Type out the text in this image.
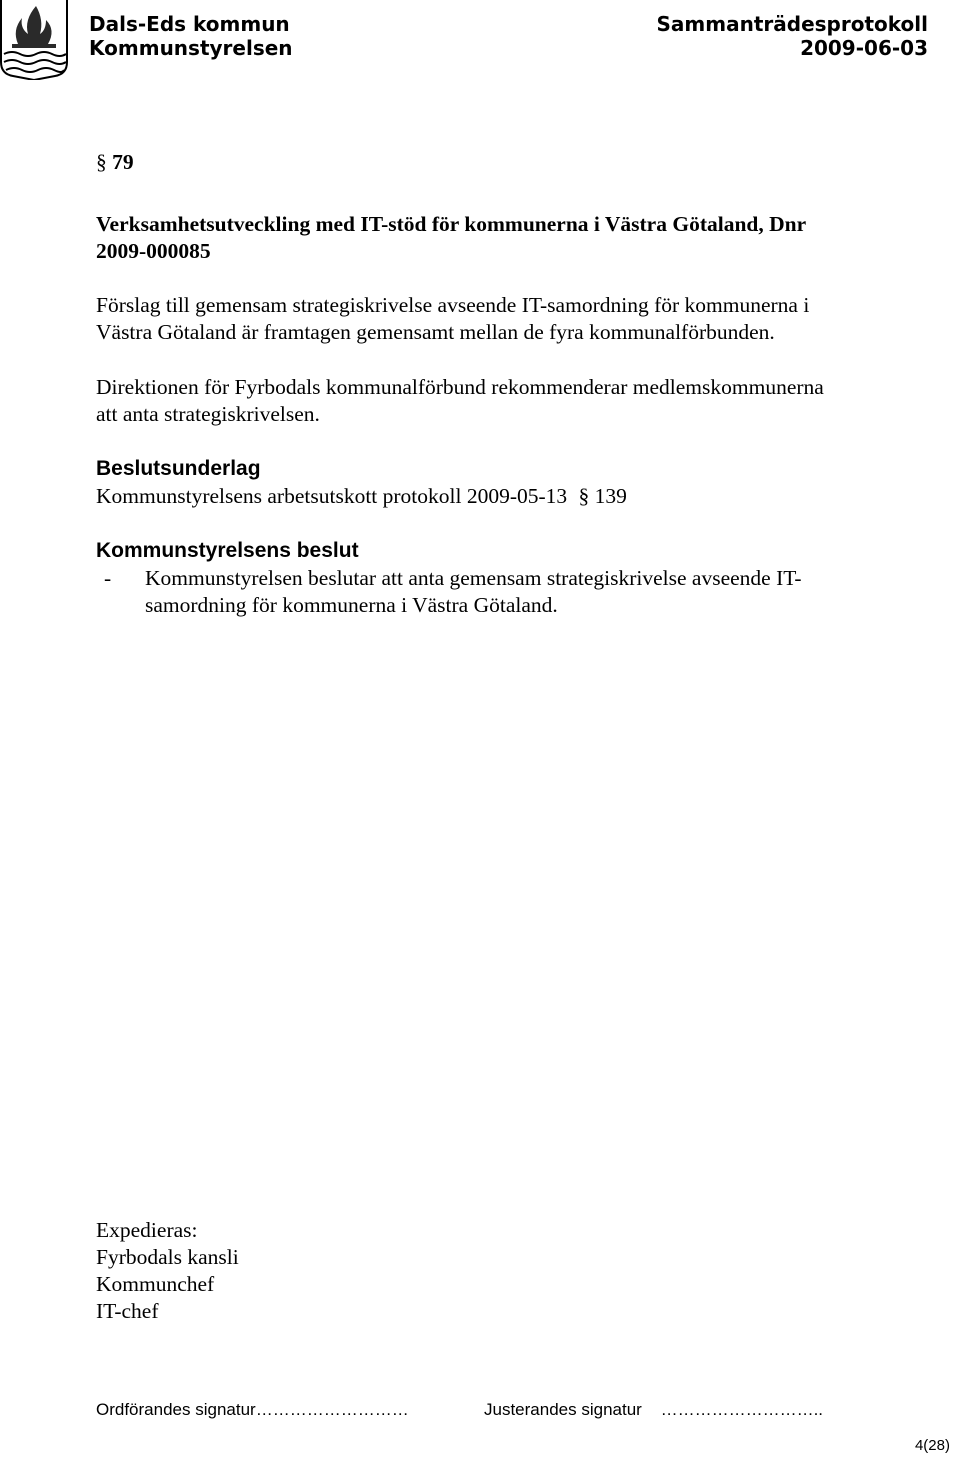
Dals-Eds kommun
Kommunstyrelsen
Sammanträdesprotokoll
2009-06-03
§ 79
Verksamhetsutveckling med IT-stöd för kommunerna i Västra Götaland, Dnr
2009-000085
Förslag till gemensam strategiskrivelse avseende IT-samordning för kommunerna i
Västra Götaland är framtagen gemensamt mellan de fyra kommunalförbunden.
Direktionen för Fyrbodals kommunalförbund rekommenderar medlemskommunerna
att anta strategiskrivelsen.
Beslutsunderlag
Kommunstyrelsens arbetsutskott protokoll 2009-05-13 § 139
Kommunstyrelsens beslut
- Kommunstyrelsen beslutar att anta gemensam strategiskrivelse avseende IT-
samordning för kommunerna i Västra Götaland.
Expedieras:
Fyrbodals kansli
Kommunchef
IT-chef
Ordförandes signatur………………………	Justerandes signatur ………………………..
4(28)
